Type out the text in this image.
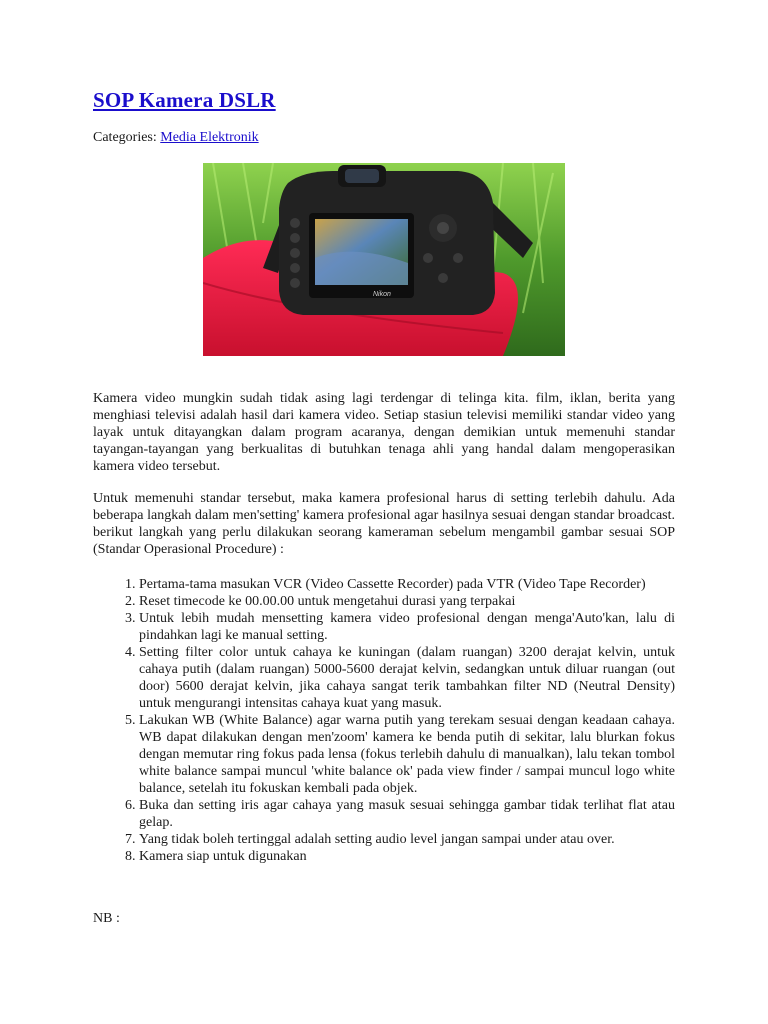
SOP Kamera DSLR
Categories: Media Elektronik
Nikon

Kamera video mungkin sudah tidak asing lagi terdengar di telinga kita. film, iklan, berita yang menghiasi televisi adalah hasil dari kamera video. Setiap stasiun televisi memiliki standar video yang layak untuk ditayangkan dalam program acaranya, dengan demikian untuk memenuhi standar tayangan-tayangan yang berkualitas di butuhkan tenaga ahli yang handal dalam mengoperasikan kamera video tersebut.

Untuk memenuhi standar tersebut, maka kamera profesional harus di setting terlebih dahulu. Ada beberapa langkah dalam men'setting' kamera profesional agar hasilnya sesuai dengan standar broadcast. berikut langkah yang perlu dilakukan seorang kameraman sebelum mengambil gambar sesuai SOP (Standar Operasional Procedure) :

1. Pertama-tama masukan VCR (Video Cassette Recorder) pada VTR (Video Tape Recorder)
2. Reset timecode ke 00.00.00 untuk mengetahui durasi yang terpakai
3. Untuk lebih mudah mensetting kamera video profesional dengan menga'Auto'kan, lalu di pindahkan lagi ke manual setting.
4. Setting filter color untuk cahaya ke kuningan (dalam ruangan) 3200 derajat kelvin, untuk cahaya putih (dalam ruangan) 5000-5600 derajat kelvin, sedangkan untuk diluar ruangan (out door) 5600 derajat kelvin, jika cahaya sangat terik tambahkan filter ND (Neutral Density) untuk mengurangi intensitas cahaya kuat yang masuk.
5. Lakukan WB (White Balance) agar warna putih yang terekam sesuai dengan keadaan cahaya. WB dapat dilakukan dengan men'zoom' kamera ke benda putih di sekitar, lalu blurkan fokus dengan memutar ring fokus pada lensa (fokus terlebih dahulu di manualkan), lalu tekan tombol white balance sampai muncul 'white balance ok' pada view finder / sampai muncul logo white balance, setelah itu fokuskan kembali pada objek.
6. Buka dan setting iris agar cahaya yang masuk sesuai sehingga gambar tidak terlihat flat atau gelap.
7. Yang tidak boleh tertinggal adalah setting audio level jangan sampai under atau over.
8. Kamera siap untuk digunakan

NB :
